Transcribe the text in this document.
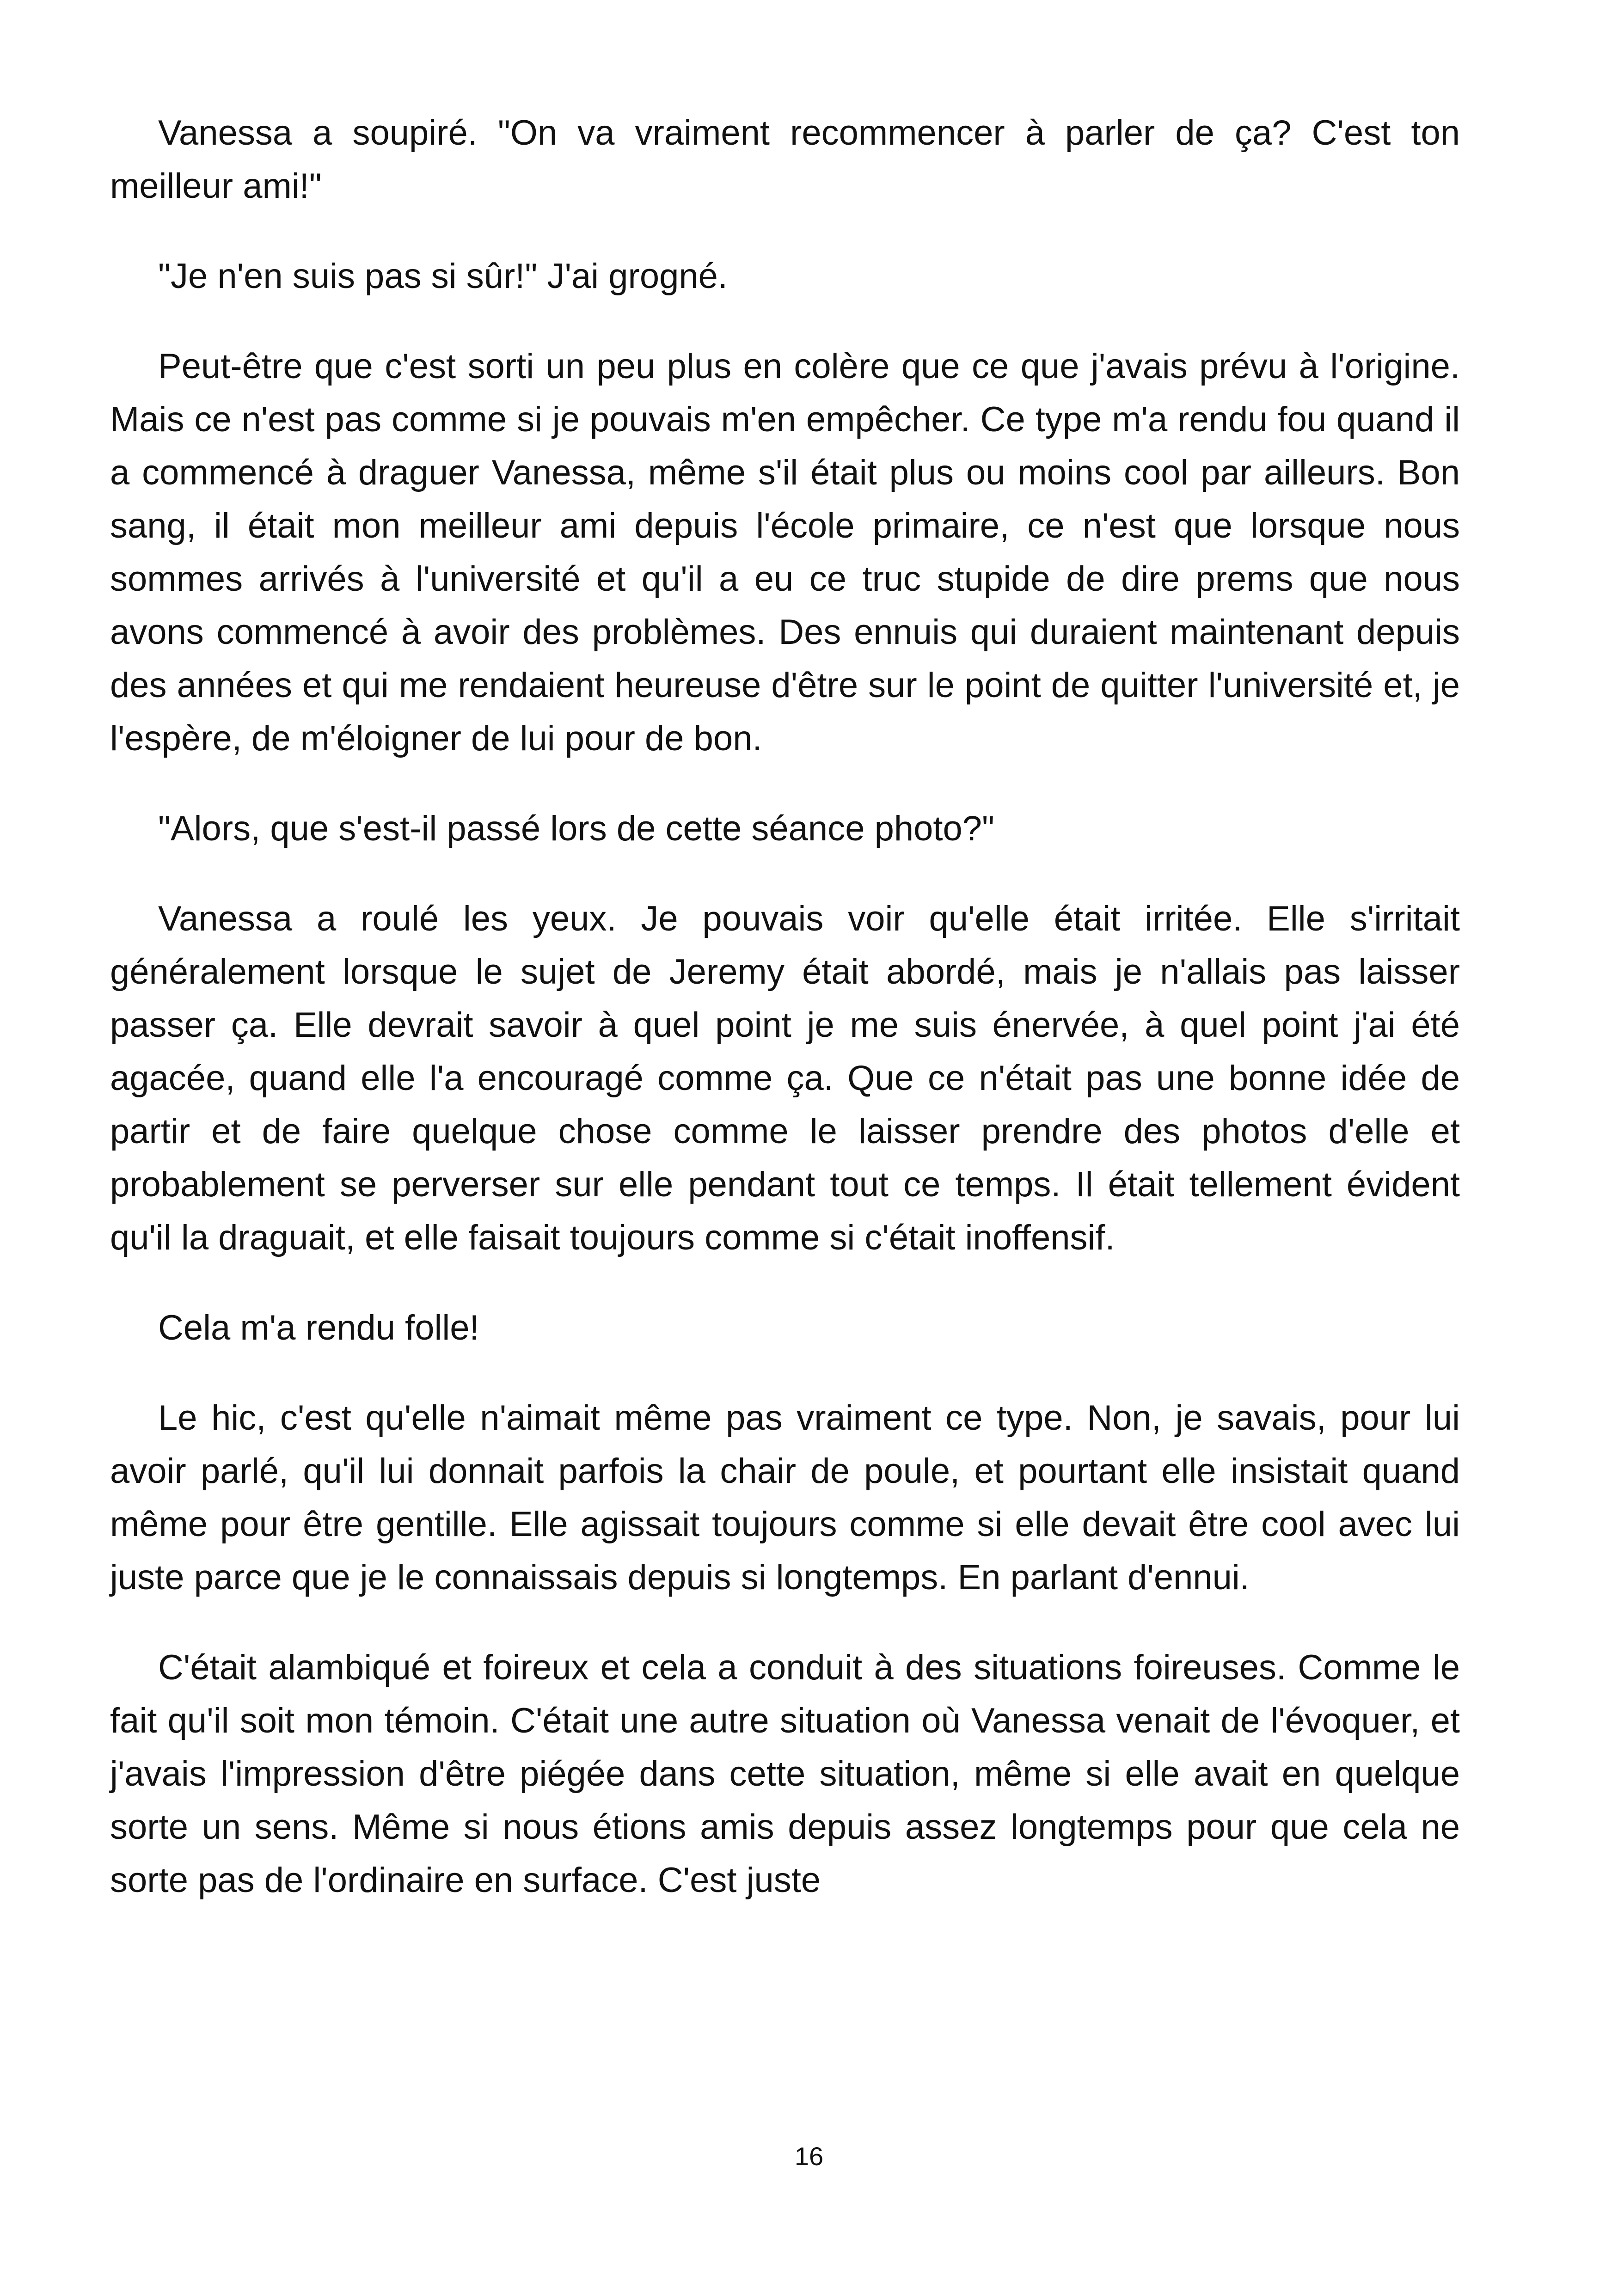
Vanessa a soupiré. "On va vraiment recommencer à parler de ça? C'est ton meilleur ami!"

"Je n'en suis pas si sûr!" J'ai grogné.

Peut-être que c'est sorti un peu plus en colère que ce que j'avais prévu à l'origine. Mais ce n'est pas comme si je pouvais m'en empêcher. Ce type m'a rendu fou quand il a commencé à draguer Vanessa, même s'il était plus ou moins cool par ailleurs. Bon sang, il était mon meilleur ami depuis l'école primaire, ce n'est que lorsque nous sommes arrivés à l'université et qu'il a eu ce truc stupide de dire prems que nous avons commencé à avoir des problèmes. Des ennuis qui duraient maintenant depuis des années et qui me rendaient heureuse d'être sur le point de quitter l'université et, je l'espère, de m'éloigner de lui pour de bon.

"Alors, que s'est-il passé lors de cette séance photo?"

Vanessa a roulé les yeux. Je pouvais voir qu'elle était irritée. Elle s'irritait généralement lorsque le sujet de Jeremy était abordé, mais je n'allais pas laisser passer ça. Elle devrait savoir à quel point je me suis énervée, à quel point j'ai été agacée, quand elle l'a encouragé comme ça. Que ce n'était pas une bonne idée de partir et de faire quelque chose comme le laisser prendre des photos d'elle et probablement se perverser sur elle pendant tout ce temps. Il était tellement évident qu'il la draguait, et elle faisait toujours comme si c'était inoffensif.

Cela m'a rendu folle!

Le hic, c'est qu'elle n'aimait même pas vraiment ce type. Non, je savais, pour lui avoir parlé, qu'il lui donnait parfois la chair de poule, et pourtant elle insistait quand même pour être gentille. Elle agissait toujours comme si elle devait être cool avec lui juste parce que je le connaissais depuis si longtemps. En parlant d'ennui.

C'était alambiqué et foireux et cela a conduit à des situations foireuses. Comme le fait qu'il soit mon témoin. C'était une autre situation où Vanessa venait de l'évoquer, et j'avais l'impression d'être piégée dans cette situation, même si elle avait en quelque sorte un sens. Même si nous étions amis depuis assez longtemps pour que cela ne sorte pas de l'ordinaire en surface. C'est juste

16
